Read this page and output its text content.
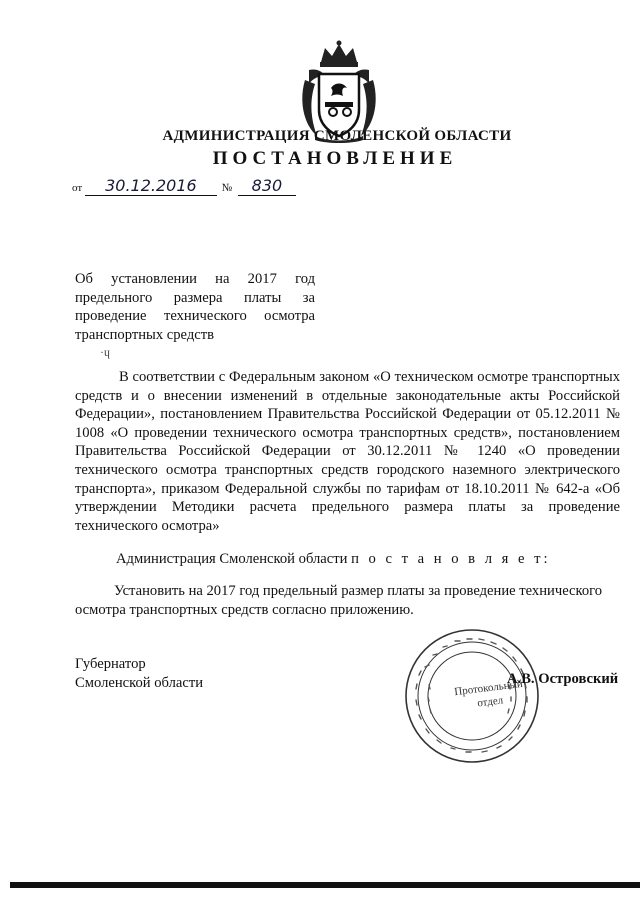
АДМИНИСТРАЦИЯ СМОЛЕНСКОЙ ОБЛАСТИ
ПОСТАНОВЛЕНИЕ
от 30.12.2016 № 830
Об установлении на 2017 год предельного размера платы за проведение технического осмотра транспортных средств
·ɥ
В соответствии с Федеральным законом «О техническом осмотре транспортных средств и о внесении изменений в отдельные законодательные акты Российской Федерации», постановлением Правительства Российской Федерации от 05.12.2011 № 1008 «О проведении технического осмотра транспортных средств», постановлением Правительства Российской Федерации от 30.12.2011 № 1240 «О проведении технического осмотра транспортных средств городского наземного электрического транспорта», приказом Федеральной службы по тарифам от 18.10.2011 № 642-а «Об утверждении Методики расчета предельного размера платы за проведение технического осмотра»
Администрация Смоленской области п о с т а н о в л я е т:
Установить на 2017 год предельный размер платы за проведение технического осмотра транспортных средств согласно приложению.
Губернатор
Смоленской области	Протокольный
отдел
А.В. Островский
